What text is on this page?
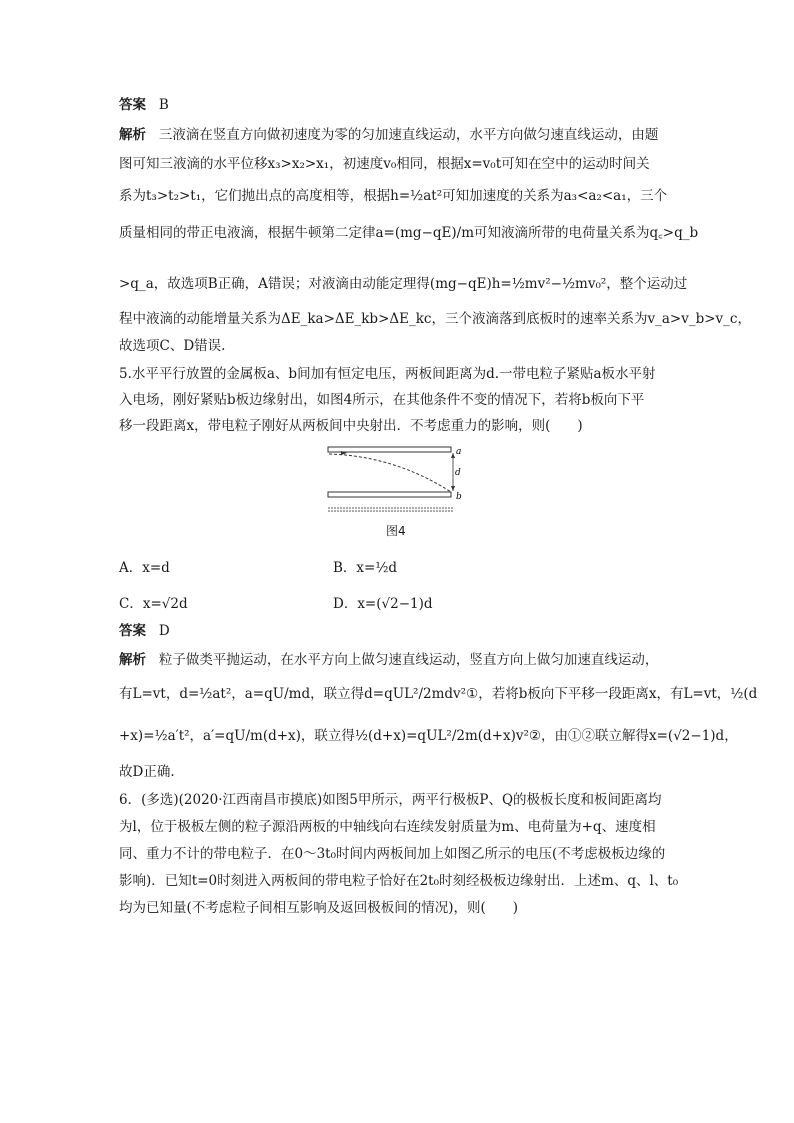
答案 B
解析 三液滴在竖直方向做初速度为零的匀加速直线运动，水平方向做匀速直线运动，由题
图可知三液滴的水平位移x₃>x₂>x₁，初速度v₀相同，根据x=v₀t可知在空中的运动时间关
系为t₃>t₂>t₁，它们抛出点的高度相等，根据h=½at²可知加速度的关系为a₃<a₂<a₁，三个
质量相同的带正电液滴，根据牛顿第二定律a=(mg−qE)/m可知液滴所带的电荷量关系为q꜀>q_b
>q_a，故选项B正确，A错误；对液滴由动能定理得(mg−qE)h=½mv²−½mv₀²，整个运动过
程中液滴的动能增量关系为ΔE_ka>ΔE_kb>ΔE_kc，三个液滴落到底板时的速率关系为v_a>v_b>v_c，
故选项C、D错误.
5.水平平行放置的金属板a、b间加有恒定电压，两板间距离为d.一带电粒子紧贴a板水平射
入电场，刚好紧贴b板边缘射出，如图4所示，在其他条件不变的情况下，若将b板向下平
移一段距离x，带电粒子刚好从两板间中央射出．不考虑重力的影响，则(　　)
a
d
b
图4
A．x=d	B．x=½d
C．x=√2d	D．x=(√2−1)d
答案 D
解析 粒子做类平抛运动，在水平方向上做匀速直线运动，竖直方向上做匀加速直线运动，
有L=vt，d=½at²，a=qU/md，联立得d=qUL²/2mdv²①，若将b板向下平移一段距离x，有L=vt，½(d
+x)=½a′t²，a′=qU/m(d+x)，联立得½(d+x)=qUL²/2m(d+x)v²②，由①②联立解得x=(√2−1)d，
故D正确.
6．(多选)(2020·江西南昌市摸底)如图5甲所示，两平行极板P、Q的极板长度和板间距离均
为l，位于极板左侧的粒子源沿两板的中轴线向右连续发射质量为m、电荷量为+q、速度相
同、重力不计的带电粒子．在0～3t₀时间内两板间加上如图乙所示的电压(不考虑极板边缘的
影响)．已知t=0时刻进入两板间的带电粒子恰好在2t₀时刻经极板边缘射出．上述m、q、l、t₀
均为已知量(不考虑粒子间相互影响及返回极板间的情况)，则(　　)
